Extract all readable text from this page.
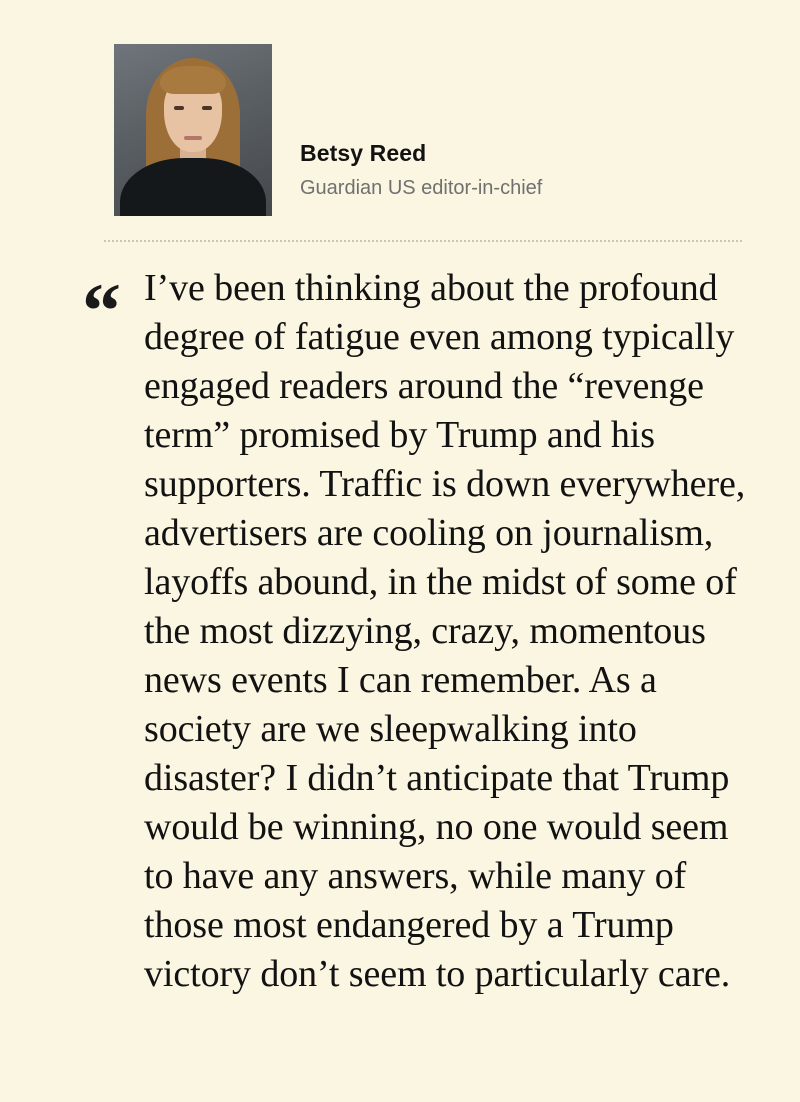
Betsy Reed
Guardian US editor-in-chief
“ I’ve been thinking about the profound degree of fatigue even among typically engaged readers around the “revenge term” promised by Trump and his supporters. Traffic is down everywhere, advertisers are cooling on journalism, layoffs abound, in the midst of some of the most dizzying, crazy, momentous news events I can remember. As a society are we sleepwalking into disaster? I didn’t anticipate that Trump would be winning, no one would seem to have any answers, while many of those most endangered by a Trump victory don’t seem to particularly care.
